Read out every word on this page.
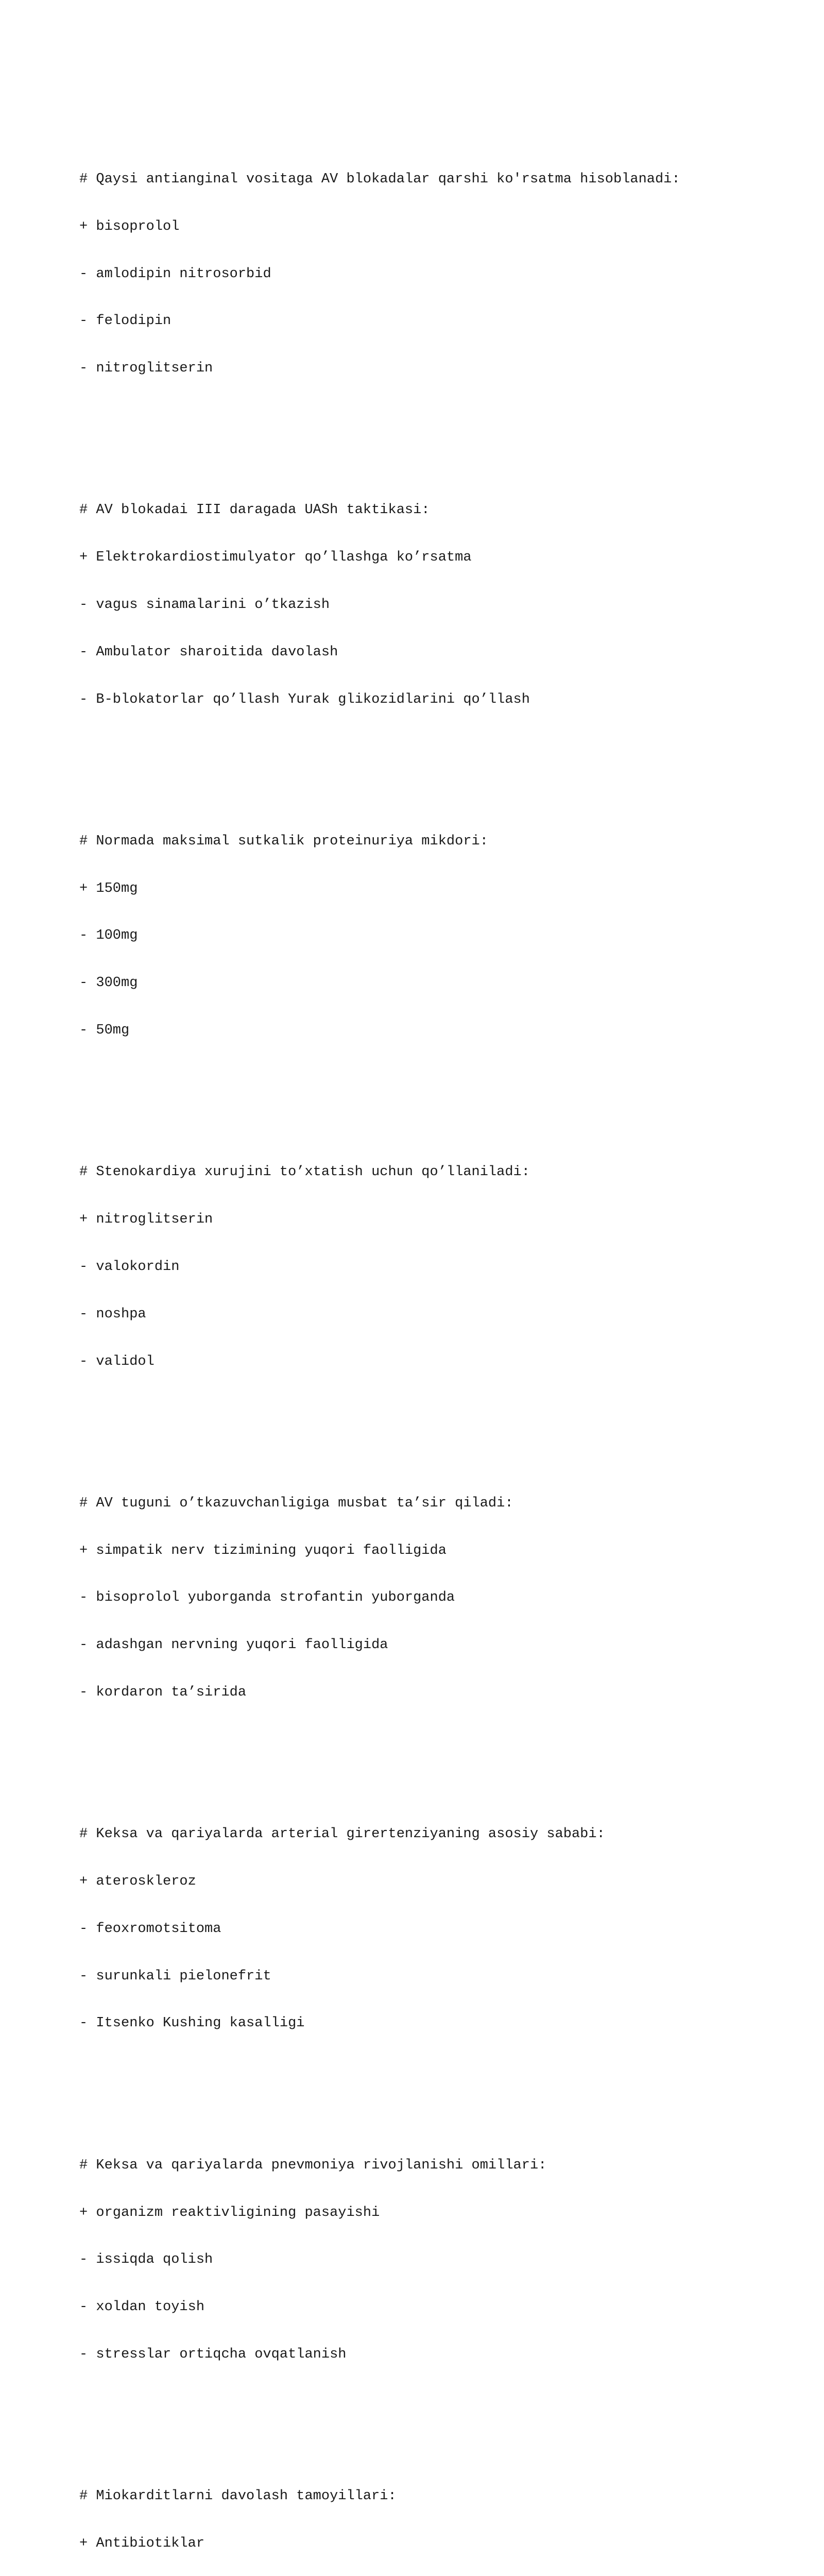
# Qaysi antianginal vositaga AV blokadalar qarshi ko'rsatma hisoblanadi:

+ bisoprolol

- amlodipin nitrosorbid

- felodipin

- nitroglitserin

# AV blokadai III daragada UASh taktikasi:

+ Elektrokardiostimulyator qo’llashga ko’rsatma

- vagus sinamalarini o’tkazish

- Ambulator sharoitida davolash

- B-blokatorlar qo’llash Yurak glikozidlarini qo’llash

# Normada maksimal sutkalik proteinuriya mikdori:

+ 150mg

- 100mg

- 300mg

- 50mg

# Stenokardiya xurujini to’xtatish uchun qo’llaniladi:

+ nitroglitserin

- valokordin

- noshpa

- validol

# AV tuguni o’tkazuvchanligiga musbat ta’sir qiladi:

+ simpatik nerv tizimining yuqori faolligida

- bisoprolol yuborganda strofantin yuborganda

- adashgan nervning yuqori faolligida

- kordaron ta’sirida

# Keksa va qariyalarda arterial girertenziyaning asosiy sababi:

+ ateroskleroz

- feoxromotsitoma

- surunkali pielonefrit

- Itsenko Kushing kasalligi

# Keksa va qariyalarda pnevmoniya rivojlanishi omillari:

+ organizm reaktivligining pasayishi

- issiqda qolish

- xoldan toyish

- stresslar ortiqcha ovqatlanish

# Miokarditlarni davolash tamoyillari:

+ Antibiotiklar
